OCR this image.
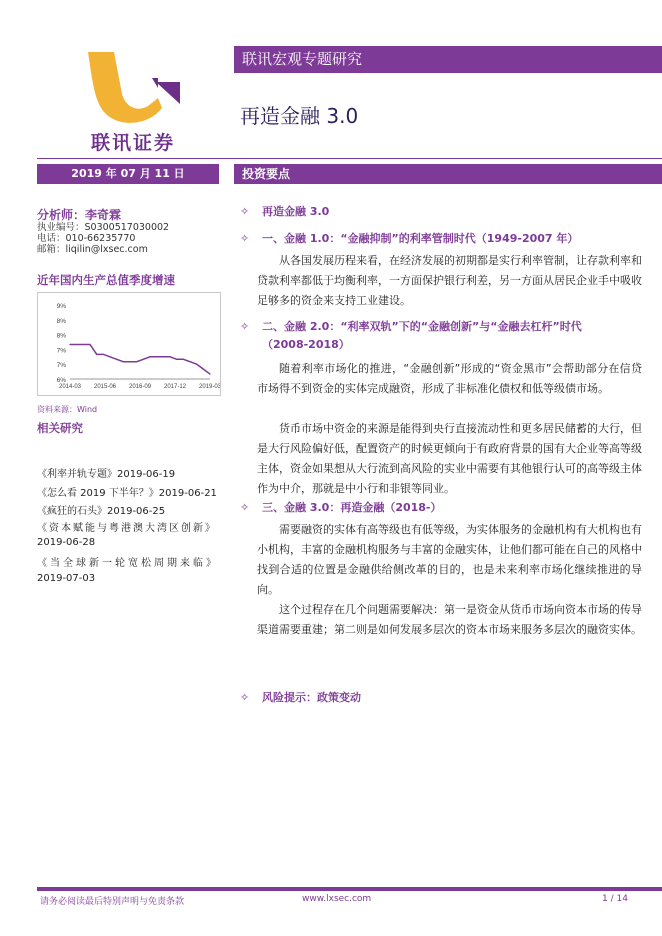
联讯证券
联讯宏观专题研究
再造金融 3.0
2019 年 07 月 11 日
分析师：李奇霖
执业编号：S0300517030002
电话：010-66235770
邮箱：liqilin@lxsec.com
近年国内生产总值季度增速
6%
7%
7%
8%
8%
9%
2014-03 2015-06 2016-09 2017-12 2019-03
资料来源：Wind
相关研究
《利率并轨专题》2019-06-19
《怎么看 2019 下半年？》2019-06-21
《疯狂的石头》2019-06-25
《资本赋能与粤港澳大湾区创新》
2019-06-28
《当全球新一轮宽松周期来临》
2019-07-03
投资要点
✧ 再造金融 3.0
✧ 一、金融 1.0：“金融抑制”的利率管制时代（1949-2007 年）
从各国发展历程来看，在经济发展的初期都是实行利率管制，让存款利率和贷款利率都低于均衡利率，一方面保护银行利差，另一方面从居民企业手中吸收足够多的资金来支持工业建设。
✧ 二、金融 2.0：“利率双轨”下的“金融创新”与“金融去杠杆”时代
（2008-2018）
随着利率市场化的推进，“金融创新”形成的“资金黑市”会帮助部分在信贷市场得不到资金的实体完成融资，形成了非标准化债权和低等级债市场。
货币市场中资金的来源是能得到央行直接流动性和更多居民储蓄的大行，但是大行风险偏好低，配置资产的时候更倾向于有政府背景的国有大企业等高等级主体，资金如果想从大行流到高风险的实业中需要有其他银行认可的高等级主体作为中介，那就是中小行和非银等同业。
✧ 三、金融 3.0：再造金融（2018-）
需要融资的实体有高等级也有低等级，为实体服务的金融机构有大机构也有小机构，丰富的金融机构服务与丰富的金融实体，让他们都可能在自己的风格中找到合适的位置是金融供给侧改革的目的，也是未来利率市场化继续推进的导向。
这个过程存在几个问题需要解决：第一是资金从货币市场向资本市场的传导渠道需要重建；第二则是如何发展多层次的资本市场来服务多层次的融资实体。
✧ 风险提示：政策变动
请务必阅读最后特别声明与免责条款	www.lxsec.com	1 / 14
